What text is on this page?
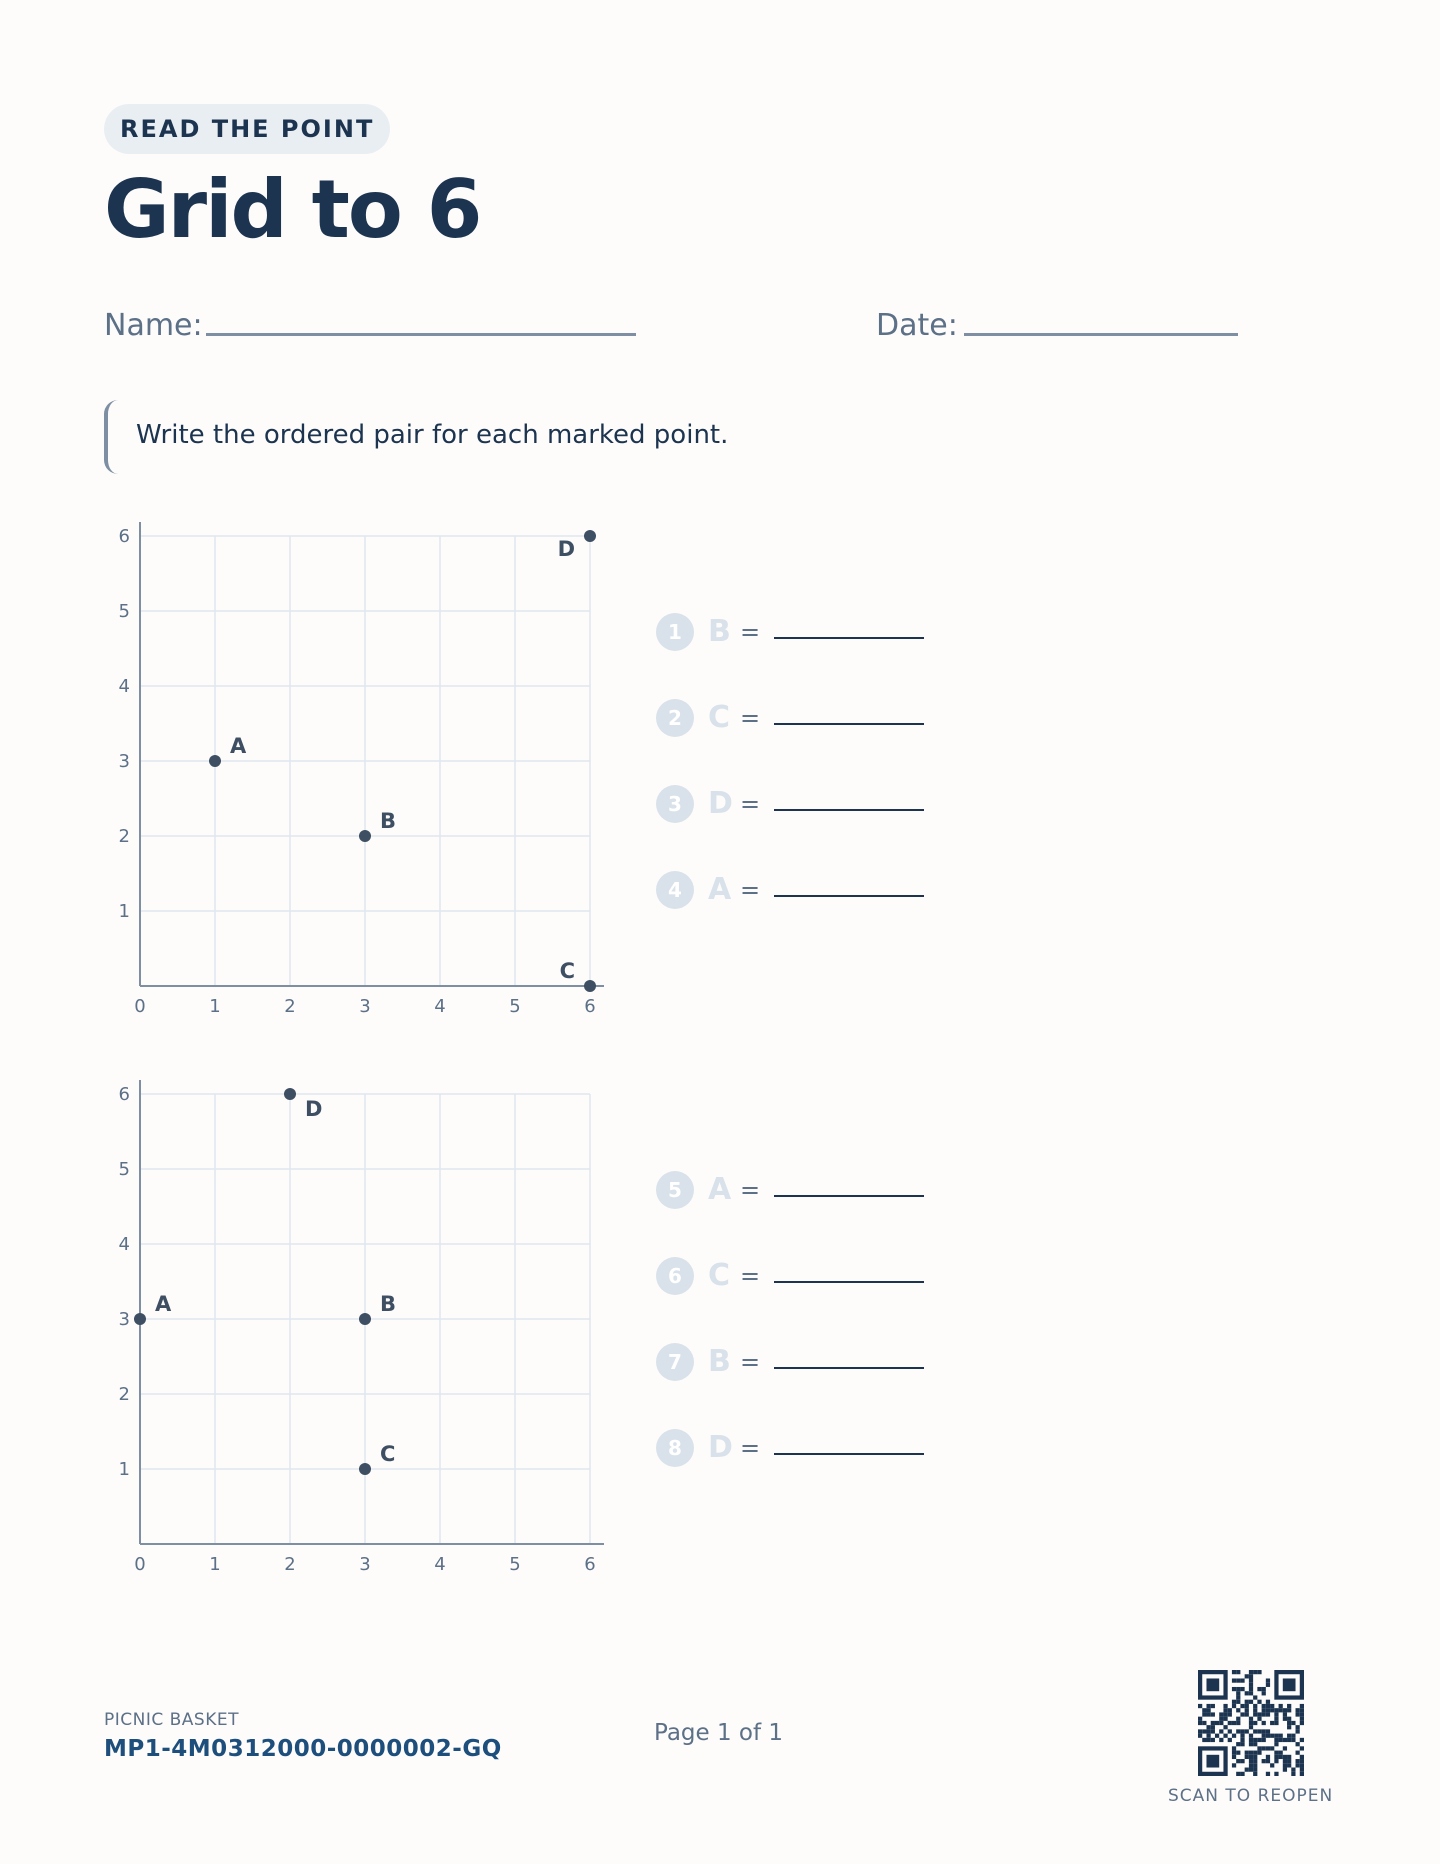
READ THE POINT
Grid to 6
Name:	Date:

Write the ordered pair for each marked point.

0	1	2	3	4	5	6
1
2
3
4
5
6
A
B
C
D
0	1	2	3	4	5	6
1
2
3
4
5
6
A	B
C
D
1 B =
2 C =
3 D =
4 A =
5 A =
6 C =
7 B =
8 D =
PICNIC BASKET
MP1-4M0312000-0000002-GQ
Page 1 of 1
SCAN TO REOPEN
